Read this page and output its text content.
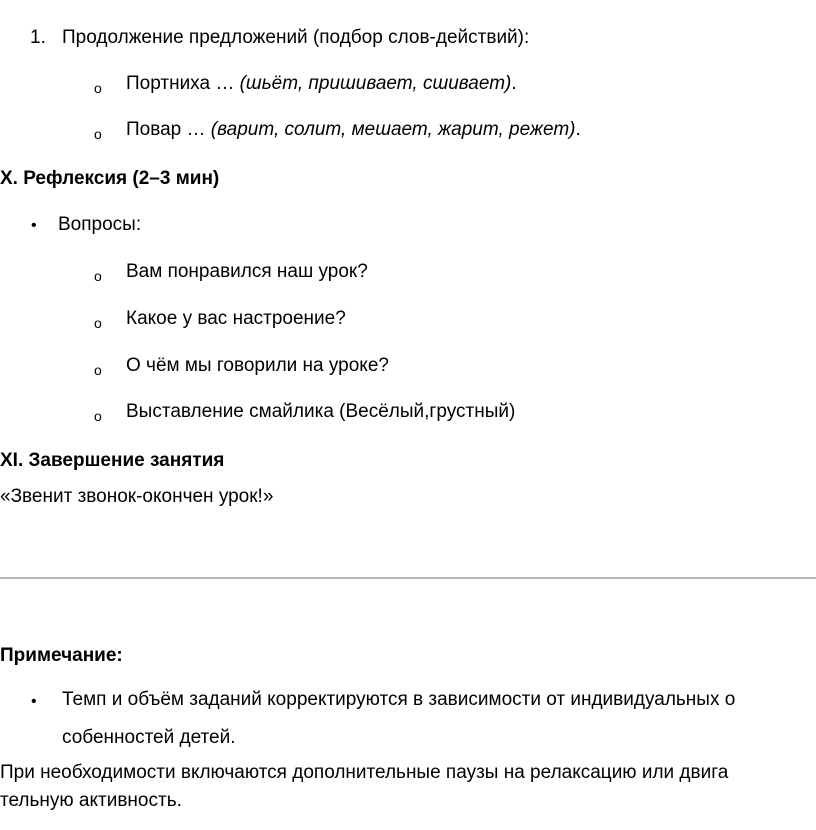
1. Продолжение предложений (подбор слов-действий):
o Портниха … (шьёт, пришивает, сшивает).
o Повар … (варит, солит, мешает, жарит, режет).
X. Рефлексия (2–3 мин)
• Вопросы:
o Вам понравился наш урок?
o Какое у вас настроение?
o О чём мы говорили на уроке?
o Выставление смайлика (Весёлый,грустный)
XI. Завершение занятия
«Звенит звонок-окончен урок!»
Примечание:
• Темп и объём заданий корректируются в зависимости от индивидуальных о
собенностей детей.
При необходимости включаются дополнительные паузы на релаксацию или двига
тельную активность.
